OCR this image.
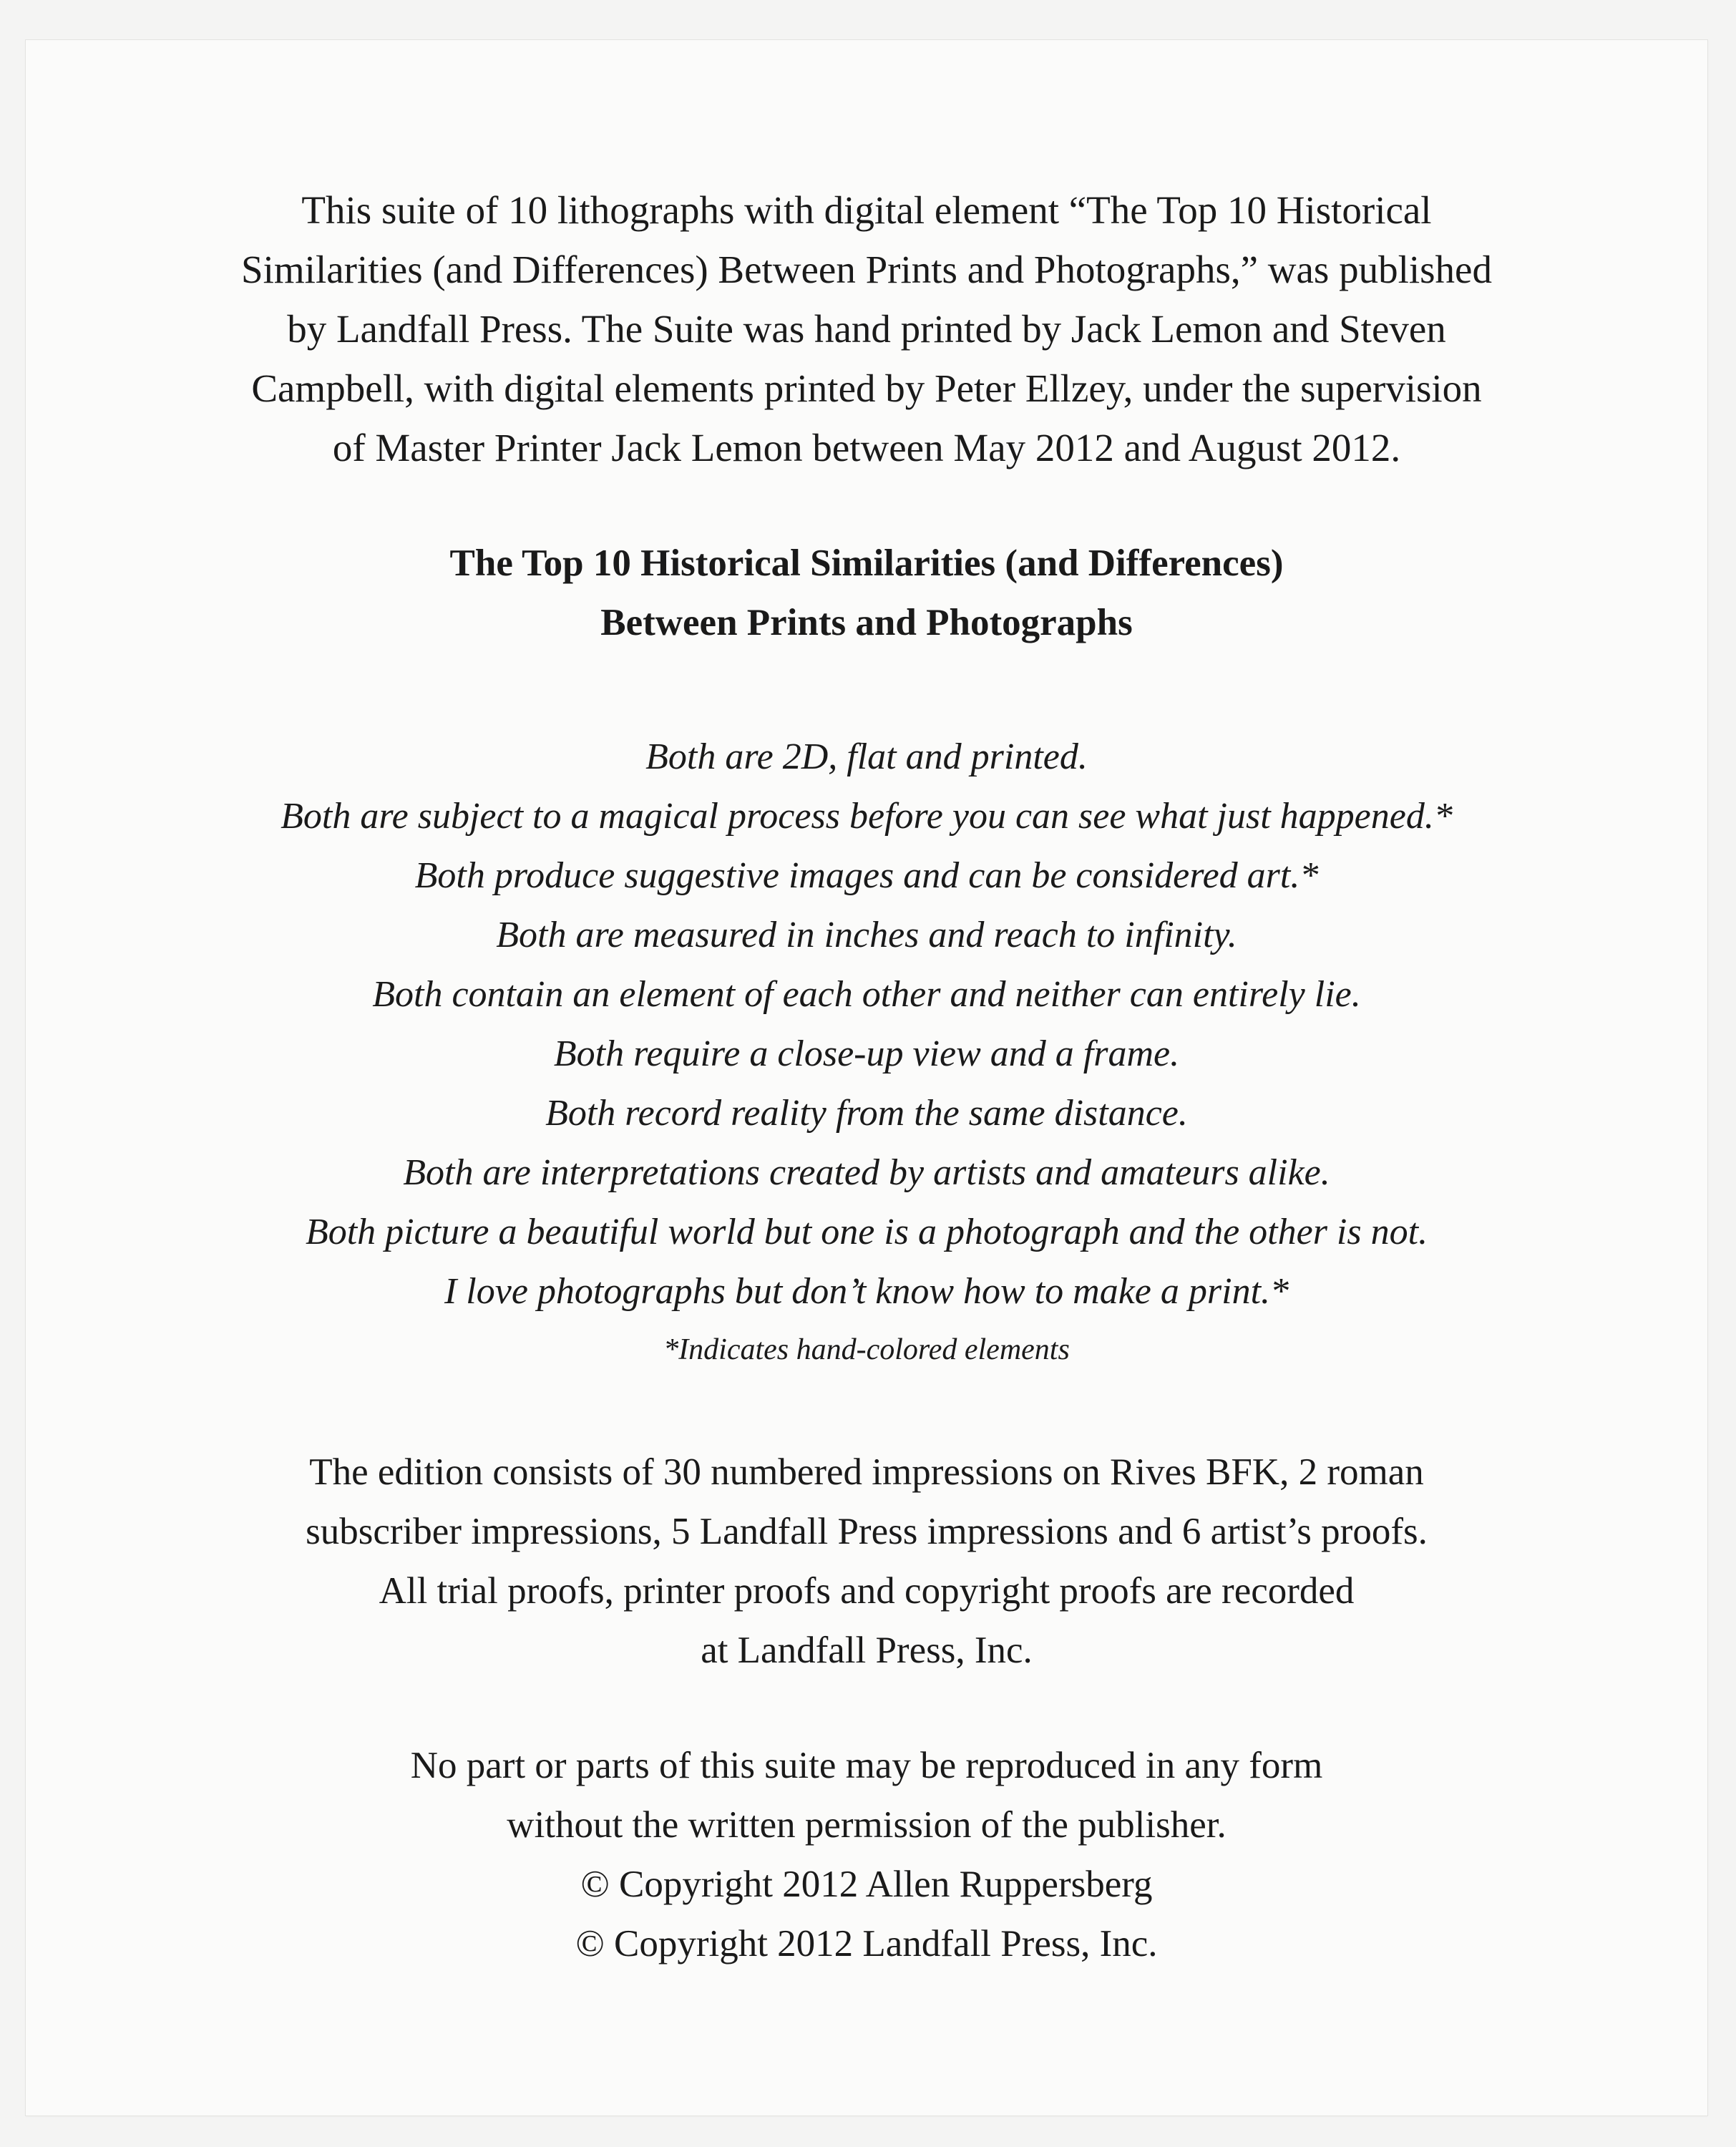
This suite of 10 lithographs with digital element “The Top 10 Historical
Similarities (and Differences) Between Prints and Photographs,” was published
by Landfall Press. The Suite was hand printed by Jack Lemon and Steven
Campbell, with digital elements printed by Peter Ellzey, under the supervision
of Master Printer Jack Lemon between May 2012 and August 2012.
The Top 10 Historical Similarities (and Differences)
Between Prints and Photographs
Both are 2D, flat and printed.
Both are subject to a magical process before you can see what just happened.*
Both produce suggestive images and can be considered art.*
Both are measured in inches and reach to infinity.
Both contain an element of each other and neither can entirely lie.
Both require a close-up view and a frame.
Both record reality from the same distance.
Both are interpretations created by artists and amateurs alike.
Both picture a beautiful world but one is a photograph and the other is not.
I love photographs but don’t know how to make a print.*
*Indicates hand-colored elements
The edition consists of 30 numbered impressions on Rives BFK, 2 roman
subscriber impressions, 5 Landfall Press impressions and 6 artist’s proofs.
All trial proofs, printer proofs and copyright proofs are recorded
at Landfall Press, Inc.
No part or parts of this suite may be reproduced in any form
without the written permission of the publisher.
© Copyright 2012 Allen Ruppersberg
© Copyright 2012 Landfall Press, Inc.
